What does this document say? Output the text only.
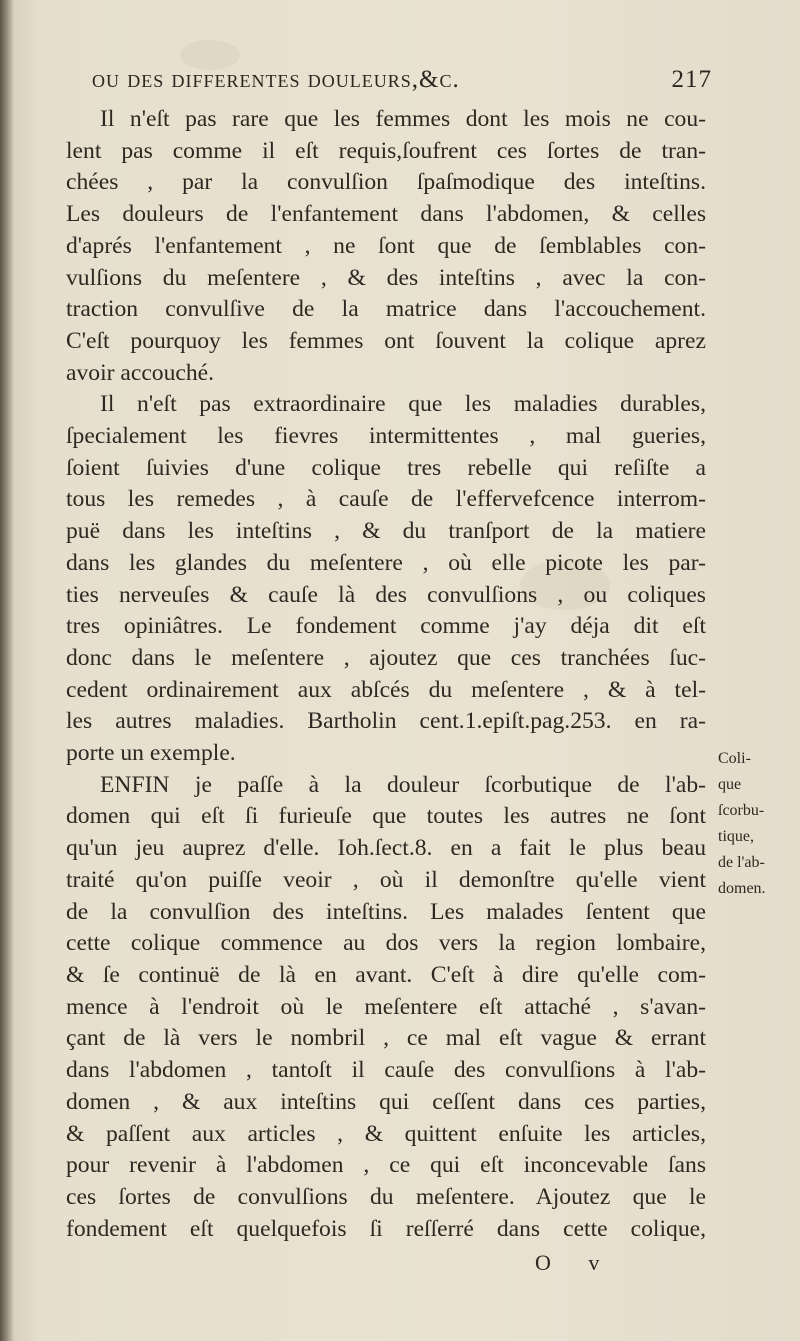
ou des differentes douleurs,&c.	217
Il n'eſt pas rare que les femmes dont les mois ne cou-
lent pas comme il eſt requis,ſoufrent ces ſortes de tran-
chées , par la convulſion ſpaſmodique des inteſtins.
Les douleurs de l'enfantement dans l'abdomen, & celles
d'aprés l'enfantement , ne ſont que de ſemblables con-
vulſions du meſentere , & des inteſtins , avec la con-
traction convulſive de la matrice dans l'accouchement.
C'eſt pourquoy les femmes ont ſouvent la colique aprez
avoir accouché.
Il n'eſt pas extraordinaire que les maladies durables,
ſpecialement les fievres intermittentes , mal gueries,
ſoient ſuivies d'une colique tres rebelle qui reſiſte a
tous les remedes , à cauſe de l'effervefcence interrom-
puë dans les inteſtins , & du tranſport de la matiere
dans les glandes du meſentere , où elle picote les par-
ties nerveuſes & cauſe là des convulſions , ou coliques
tres opiniâtres. Le fondement comme j'ay déja dit eſt
donc dans le meſentere , ajoutez que ces tranchées ſuc-
cedent ordinairement aux abſcés du meſentere , & à tel-
les autres maladies. Bartholin cent.1.epiſt.pag.253. en ra-
porte un exemple.
ENFIN je paſſe à la douleur ſcorbutique de l'ab-
domen qui eſt ſi furieuſe que toutes les autres ne ſont
qu'un jeu auprez d'elle. Ioh.ſect.8. en a fait le plus beau
traité qu'on puiſſe veoir , où il demonſtre qu'elle vient
de la convulſion des inteſtins. Les malades ſentent que
cette colique commence au dos vers la region lombaire,
& ſe continuë de là en avant. C'eſt à dire qu'elle com-
mence à l'endroit où le meſentere eſt attaché , s'avan-
çant de là vers le nombril , ce mal eſt vague & errant
dans l'abdomen , tantoſt il cauſe des convulſions à l'ab-
domen , & aux inteſtins qui ceſſent dans ces parties,
& paſſent aux articles , & quittent enſuite les articles,
pour revenir à l'abdomen , ce qui eſt inconcevable ſans
ces ſortes de convulſions du meſentere. Ajoutez que le
fondement eſt quelquefois ſi reſſerré dans cette colique,
Coli-
que
ſcorbu-
tique,
de l'ab-
domen.
O v
